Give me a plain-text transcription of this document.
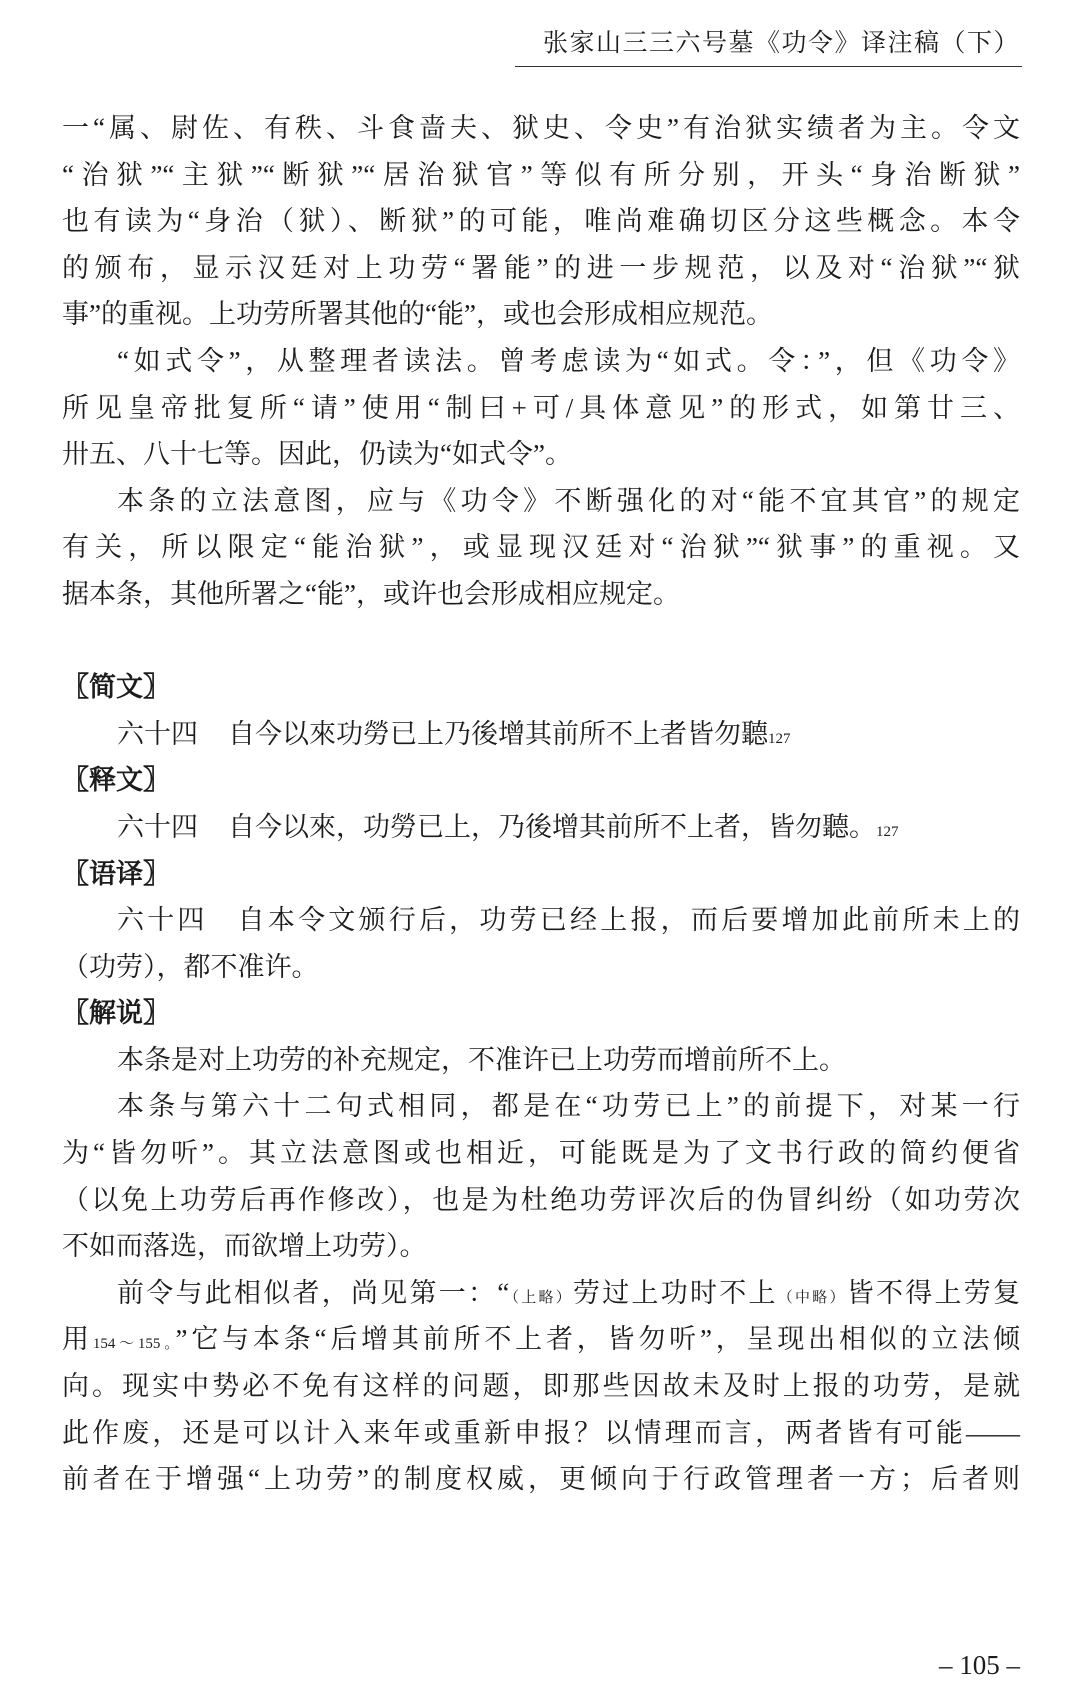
张家山三三六号墓《功令》译注稿（下）
一“属、尉佐、有秩、斗食啬夫、狱史、令史”有治狱实绩者为主。令文
“治狱”“主狱”“断狱”“居治狱官”等似有所分别，开头“身治断狱”
也有读为“身治（狱）、断狱”的可能，唯尚难确切区分这些概念。本令
的颁布，显示汉廷对上功劳“署能”的进一步规范，以及对“治狱”“狱
事”的重视。上功劳所署其他的“能”，或也会形成相应规范。
“如式令”，从整理者读法。曾考虑读为“如式。令：”，但《功令》
所见皇帝批复所“请”使用“制曰+可/具体意见”的形式，如第廿三、
卅五、八十七等。因此，仍读为“如式令”。
本条的立法意图，应与《功令》不断强化的对“能不宜其官”的规定
有关，所以限定“能治狱”，或显现汉廷对“治狱”“狱事”的重视。又
据本条，其他所署之“能”，或许也会形成相应规定。
〖简文〗
六十四 自今以來功勞已上乃後增其前所不上者皆勿聽127
〖释文〗
六十四 自今以來，功勞已上，乃後增其前所不上者，皆勿聽。127
〖语译〗
六十四 自本令文颁行后，功劳已经上报，而后要增加此前所未上的
（功劳），都不准许。
〖解说〗
本条是对上功劳的补充规定，不准许已上功劳而增前所不上。
本条与第六十二句式相同，都是在“功劳已上”的前提下，对某一行
为“皆勿听”。其立法意图或也相近，可能既是为了文书行政的简约便省
（以免上功劳后再作修改），也是为杜绝功劳评次后的伪冒纠纷（如功劳次
不如而落选，而欲增上功劳）。
前令与此相似者，尚见第一：“（上略）劳过上功时不上（中略）皆不得上劳复
用154～155。”它与本条“后增其前所不上者，皆勿听”，呈现出相似的立法倾
向。现实中势必不免有这样的问题，即那些因故未及时上报的功劳，是就
此作废，还是可以计入来年或重新申报？以情理而言，两者皆有可能——
前者在于增强“上功劳”的制度权威，更倾向于行政管理者一方；后者则
– 105 –
